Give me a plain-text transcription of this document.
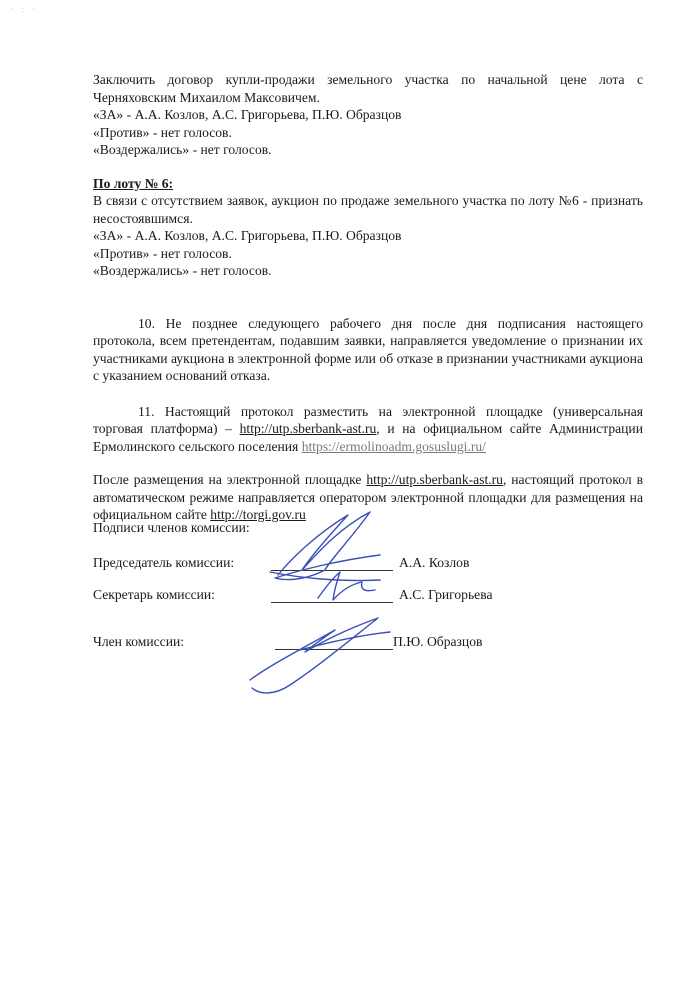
· : ·

Заключить договор купли-продажи земельного участка по начальной цене лота с Черняховским Михаилом Максовичем.

«ЗА» - А.А. Козлов, А.С. Григорьева, П.Ю. Образцов

«Против» - нет голосов.

«Воздержались» - нет голосов.

По лоту № 6:

В связи с отсутствием заявок, аукцион по продаже земельного участка по лоту №6 - признать несостоявшимся.

«ЗА» - А.А. Козлов, А.С. Григорьева, П.Ю. Образцов

«Против» - нет голосов.

«Воздержались» - нет голосов.

10. Не позднее следующего рабочего дня после дня подписания настоящего протокола, всем претендентам, подавшим заявки, направляется уведомление о признании их участниками аукциона в электронной форме или об отказе в признании участниками аукциона с указанием оснований отказа.

11. Настоящий протокол разместить на электронной площадке (универсальная торговая платформа) – http://utp.sberbank-ast.ru, и на официальном сайте Администрации Ермолинского сельского поселения https://ermolinoadm.gosuslugi.ru/

После размещения на электронной площадке http://utp.sberbank-ast.ru, настоящий протокол в автоматическом режиме направляется оператором электронной площадки для размещения на официальном сайте http://torgi.gov.ru

Подписи членов комиссии:
Председатель комиссии:	А.А. Козлов
Секретарь комиссии:	А.С. Григорьева
Член комиссии:	П.Ю. Образцов
